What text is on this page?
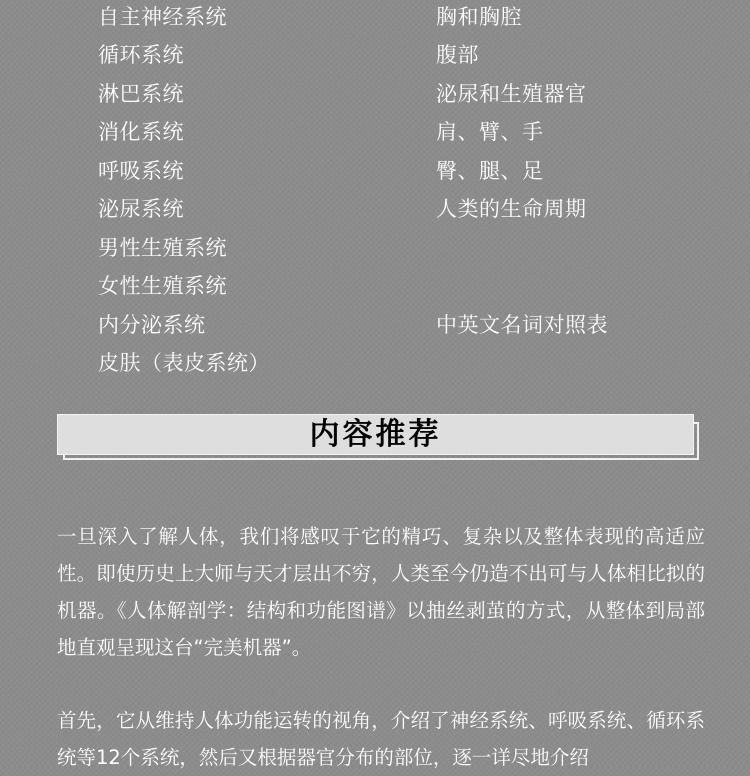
自主神经系统
循环系统
淋巴系统
消化系统
呼吸系统
泌尿系统
男性生殖系统
女性生殖系统
内分泌系统
皮肤（表皮系统）
胸和胸腔
腹部
泌尿和生殖器官
肩、臂、手
臀、腿、足
人类的生命周期
中英文名词对照表
内容推荐

一旦深入了解人体，我们将感叹于它的精巧、复杂以及整体表现的高适应性。即使历史上大师与天才层出不穷，人类至今仍造不出可与人体相比拟的机器。《人体解剖学：结构和功能图谱》以抽丝剥茧的方式，从整体到局部地直观呈现这台“完美机器”。

首先，它从维持人体功能运转的视角，介绍了神经系统、呼吸系统、循环系统等12个系统，然后又根据器官分布的部位，逐一详尽地介绍
